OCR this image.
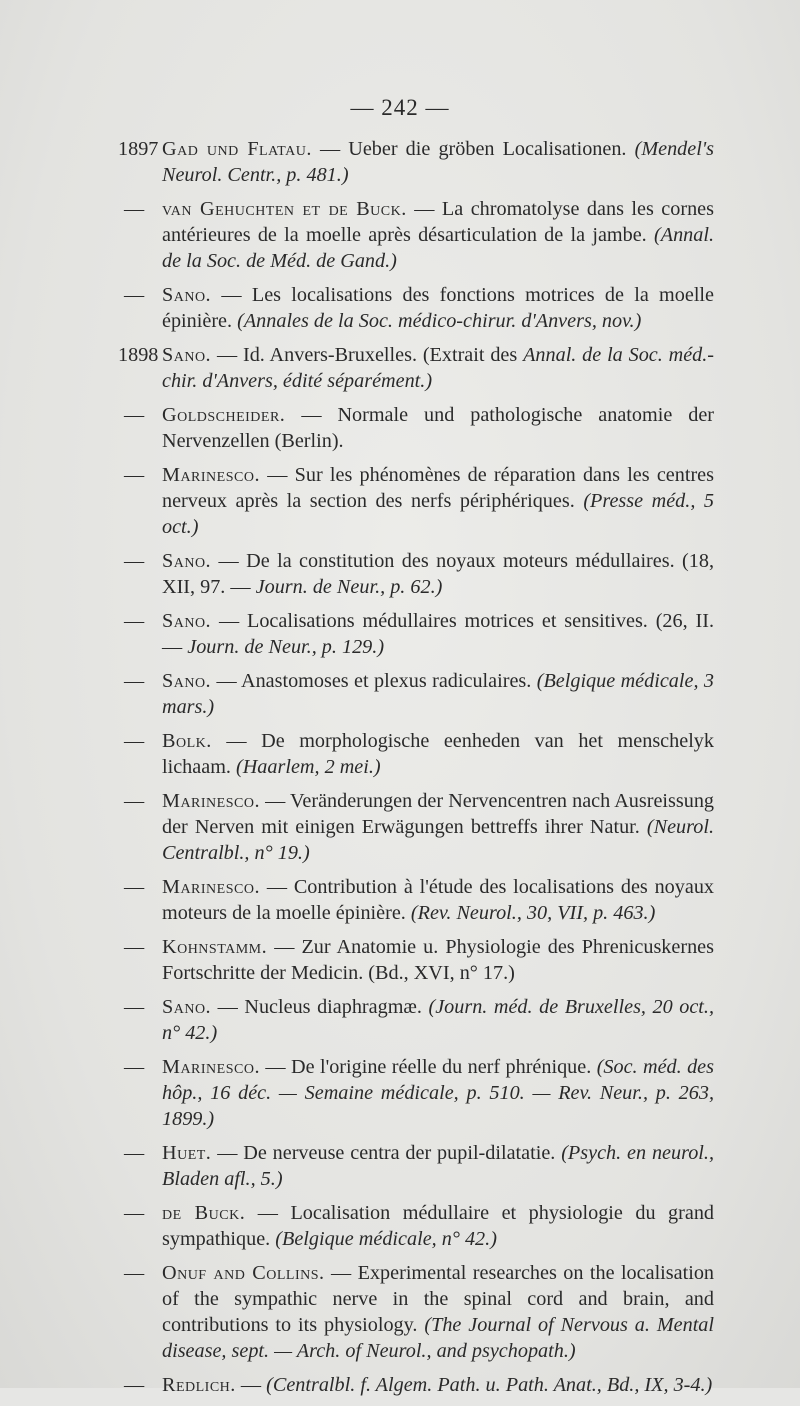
— 242 —
1897 Gad und Flatau. — Ueber die gröben Localisationen. (Mendel's Neurol. Centr., p. 481.)
— van Gehuchten et de Buck. — La chromatolyse dans les cornes antérieures de la moelle après désarticulation de la jambe. (Annal. de la Soc. de Méd. de Gand.)
— Sano. — Les localisations des fonctions motrices de la moelle épinière. (Annales de la Soc. médico-chirur. d'Anvers, nov.)
1898 Sano. — Id. Anvers-Bruxelles. (Extrait des Annal. de la Soc. méd.-chir. d'Anvers, édité séparément.)
— Goldscheider. — Normale und pathologische anatomie der Nervenzellen (Berlin).
— Marinesco. — Sur les phénomènes de réparation dans les centres nerveux après la section des nerfs périphériques. (Presse méd., 5 oct.)
— Sano. — De la constitution des noyaux moteurs médullaires. (18, XII, 97. — Journ. de Neur., p. 62.)
— Sano. — Localisations médullaires motrices et sensitives. (26, II. — Journ. de Neur., p. 129.)
— Sano. — Anastomoses et plexus radiculaires. (Belgique médicale, 3 mars.)
— Bolk. — De morphologische eenheden van het menschelyk lichaam. (Haarlem, 2 mei.)
— Marinesco. — Veränderungen der Nervencentren nach Ausreissung der Nerven mit einigen Erwägungen bettreffs ihrer Natur. (Neurol. Centralbl., n° 19.)
— Marinesco. — Contribution à l'étude des localisations des noyaux moteurs de la moelle épinière. (Rev. Neurol., 30, VII, p. 463.)
— Kohnstamm. — Zur Anatomie u. Physiologie des Phrenicuskernes Fortschritte der Medicin. (Bd., XVI, n° 17.)
— Sano. — Nucleus diaphragmæ. (Journ. méd. de Bruxelles, 20 oct., n° 42.)
— Marinesco. — De l'origine réelle du nerf phrénique. (Soc. méd. des hôp., 16 déc. — Semaine médicale, p. 510. — Rev. Neur., p. 263, 1899.)
— Huet. — De nerveuse centra der pupil-dilatatie. (Psych. en neurol., Bladen afl., 5.)
— de Buck. — Localisation médullaire et physiologie du grand sympathique. (Belgique médicale, n° 42.)
— Onuf and Collins. — Experimental researches on the localisation of the sympathic nerve in the spinal cord and brain, and contributions to its physiology. (The Journal of Nervous a. Mental disease, sept. — Arch. of Neurol., and psychopath.)
— Redlich. — (Centralbl. f. Algem. Path. u. Path. Anat., Bd., IX, 3-4.)
